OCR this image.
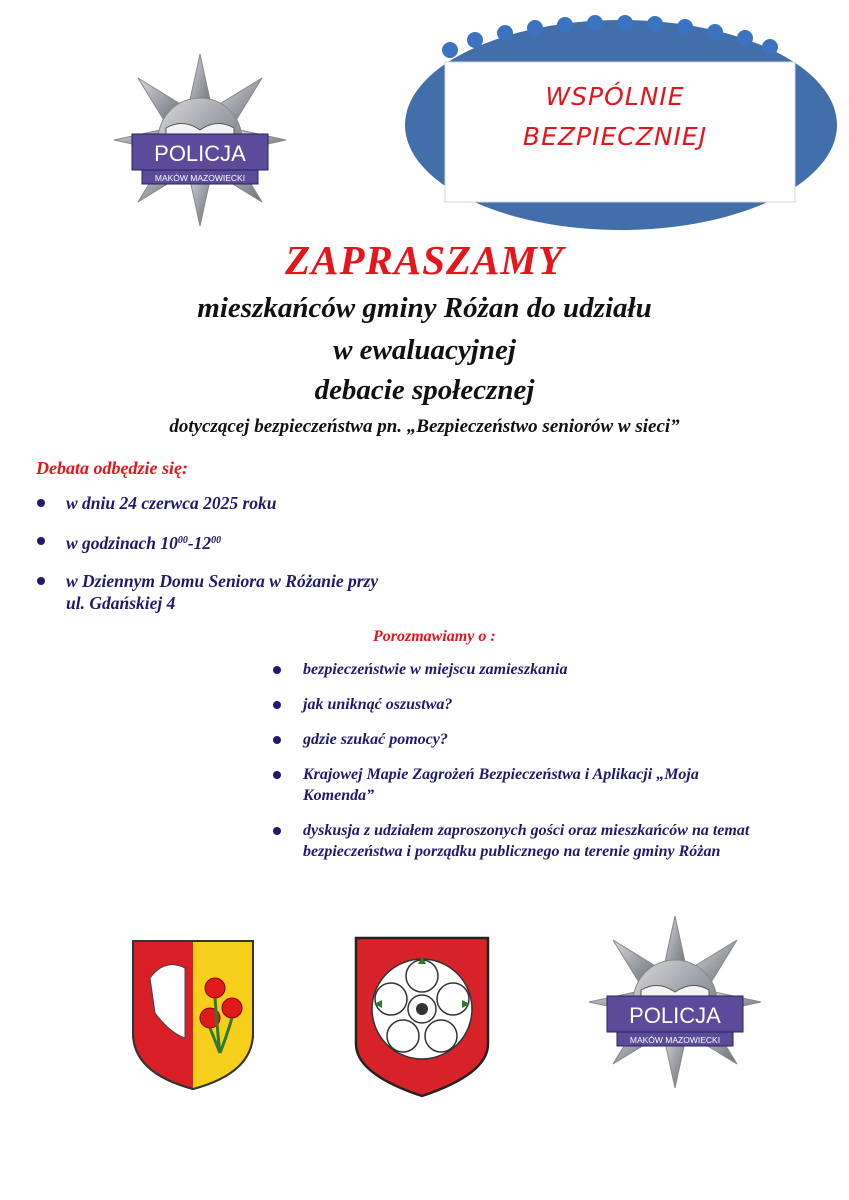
POLICJA
MAKÓW MAZOWIECKI
WSPÓLNIE
BEZPIECZNIEJ
ZAPRASZAMY
mieszkańców gminy Różan do udziału
w ewaluacyjnej
debacie społecznej
dotyczącej bezpieczeństwa pn. „Bezpieczeństwo seniorów w sieci”
Debata odbędzie się:
w dniu 24 czerwca 2025 roku
w godzinach $10^{00}-12^{00}$
w Dziennym Domu Seniora w Różanie przy
ul. Gdańskiej 4
Porozmawiamy o :
bezpieczeństwie w miejscu zamieszkania
jak uniknąć oszustwa?
gdzie szukać pomocy?
Krajowej Mapie Zagrożeń Bezpieczeństwa i Aplikacji „Moja Komenda”
dyskusja z udziałem zaproszonych gości oraz mieszkańców na temat bezpieczeństwa i porządku publicznego na terenie gminy Różan
POLICJA
MAKÓW MAZOWIECKI
